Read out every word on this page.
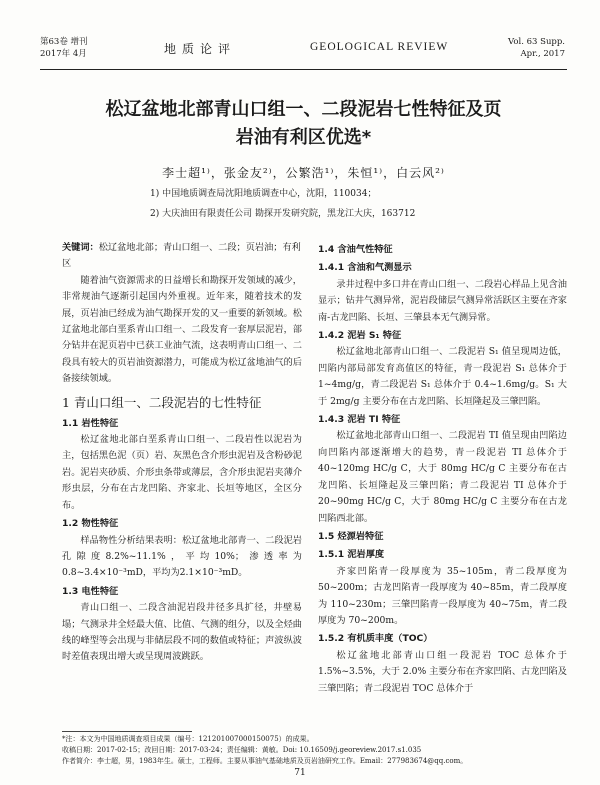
第63卷 增刊
2017年 4月	地质论评	GEOLOGICAL REVIEW	Vol. 63 Supp.
Apr., 2017
松辽盆地北部青山口组一、二段泥岩七性特征及页
岩油有利区优选*
李士超¹⁾，张金友²⁾，公繁浩¹⁾，朱恒¹⁾，白云风²⁾
1) 中国地质调查局沈阳地质调查中心，沈阳，110034；
2) 大庆油田有限责任公司 勘探开发研究院，黑龙江大庆，163712
关键词：松辽盆地北部；青山口组一、二段；页岩油；有利区

随着油气资源需求的日益增长和勘探开发领域的减少，非常规油气逐渐引起国内外重视。近年来，随着技术的发展，页岩油已经成为油气勘探开发的又一重要的新领域。松辽盆地北部白垩系青山口组一、二段发育一套厚层泥岩，部分钻井在泥页岩中已获工业油气流，这表明青山口组一、二段具有较大的页岩油资源潜力，可能成为松辽盆地油气的后备接续领域。

1 青山口组一、二段泥岩的七性特征
1.1 岩性特征

松辽盆地北部白垩系青山口组一、二段岩性以泥岩为主，包括黑色泥（页）岩、灰黑色含介形虫泥岩及含粉砂泥岩。泥岩夹砂质、介形虫条带或薄层，含介形虫泥岩夹薄介形虫层，分布在古龙凹陷、齐家北、长垣等地区，全区分布。

1.2 物性特征

样品物性分析结果表明：松辽盆地北部青一、二段泥岩孔隙度8.2%~11.1%，平均10%；渗透率为0.8~3.4×10⁻³mD，平均为2.1×10⁻³mD。

1.3 电性特征

青山口组一、二段含油泥岩段井径多具扩径，井壁易塌；气测录井全烃最大值、比值、气测的组分，以及全烃曲线的峰型等会出现与非储层段不同的数值或特征；声波纵波时差值表现出增大或呈现周波跳跃。

1.4 含油气性特征
1.4.1 含油和气测显示

录井过程中多口井在青山口组一、二段岩心样品上见含油显示；钻井气测异常，泥岩段储层气测异常活跃区主要在齐家南-古龙凹陷、长垣、三肇县本无气测异常。

1.4.2 泥岩 S₁ 特征

松辽盆地北部青山口组一、二段泥岩 S₁ 值呈现周边低，凹陷内部局部发育高值区的特征，青一段泥岩 S₁ 总体介于 1~4mg/g，青二段泥岩 S₁ 总体介于 0.4~1.6mg/g。S₁ 大于 2mg/g 主要分布在古龙凹陷、长垣隆起及三肇凹陷。

1.4.3 泥岩 TI 特征

松辽盆地北部青山口组一、二段泥岩 TI 值呈现由凹陷边向凹陷内部逐渐增大的趋势，青一段泥岩 TI 总体介于 40~120mg HC/g C，大于 80mg HC/g C 主要分布在古龙凹陷、长垣隆起及三肇凹陷；青二段泥岩 TI 总体介于 20~90mg HC/g C，大于 80mg HC/g C 主要分布在古龙凹陷西北部。

1.5 烃源岩特征
1.5.1 泥岩厚度

齐家凹陷青一段厚度为 35~105m，青二段厚度为 50~200m；古龙凹陷青一段厚度为 40~85m，青二段厚度为 110~230m；三肇凹陷青一段厚度为 40~75m，青二段厚度为 70~200m。

1.5.2 有机质丰度（TOC）

松辽盆地北部青山口组一段泥岩 TOC 总体介于 1.5%~3.5%，大于 2.0% 主要分布在齐家凹陷、古龙凹陷及三肇凹陷；青二段泥岩 TOC 总体介于

*注：本文为中国地质调查项目成果（编号：121201007000150075）的成果。
收稿日期：2017-02-15；改回日期：2017-03-24；责任编辑：黄敏。Doi: 10.16509/j.georeview.2017.s1.035
作者简介：李士超，男，1983年生。硕士，工程师。主要从事油气基础地质及页岩油研究工作。Email：277983674@qq.com。
71
